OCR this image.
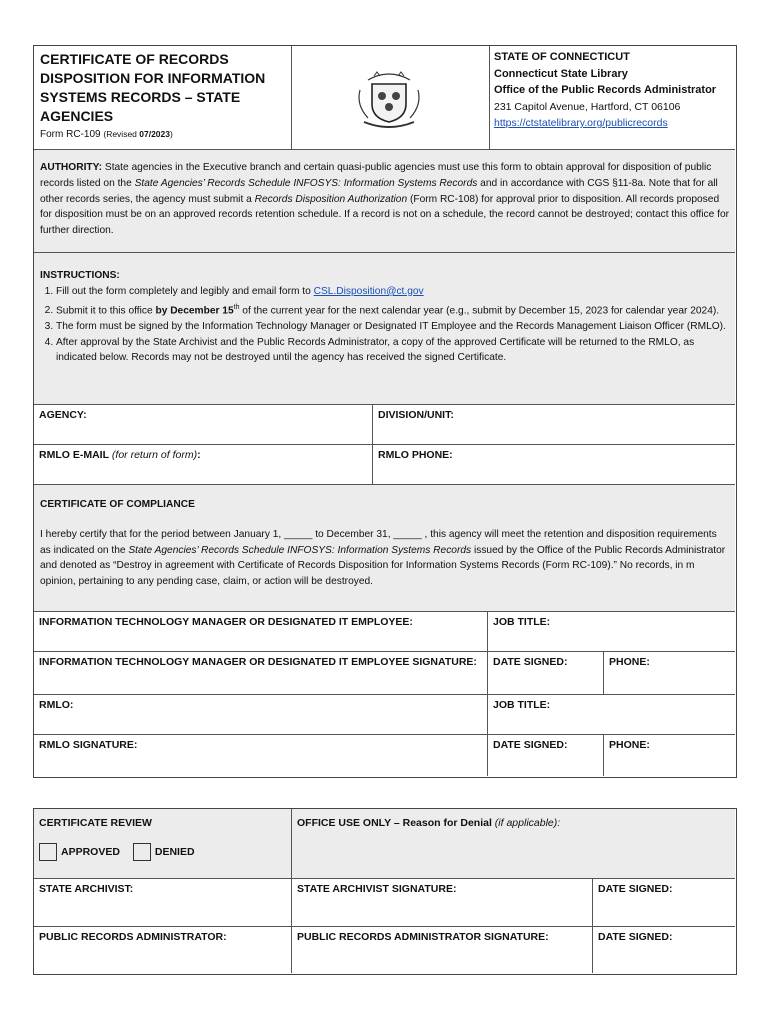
CERTIFICATE OF RECORDS DISPOSITION FOR INFORMATION SYSTEMS RECORDS – STATE AGENCIES
Form RC-109 (Revised 07/2023)
STATE OF CONNECTICUT
Connecticut State Library
Office of the Public Records Administrator
231 Capitol Avenue, Hartford, CT 06106
https://ctstatelibrary.org/publicrecords
AUTHORITY: State agencies in the Executive branch and certain quasi-public agencies must use this form to obtain approval for disposition of public records listed on the State Agencies’ Records Schedule INFOSYS: Information Systems Records and in accordance with CGS §11-8a. Note that for all other records series, the agency must submit a Records Disposition Authorization (Form RC-108) for approval prior to disposition. All records proposed for disposition must be on an approved records retention schedule. If a record is not on a schedule, the record cannot be destroyed; contact this office for further direction.
INSTRUCTIONS:
1. Fill out the form completely and legibly and email form to CSL.Disposition@ct.gov
2. Submit it to this office by December 15th of the current year for the next calendar year (e.g., submit by December 15, 2023 for calendar year 2024).
3. The form must be signed by the Information Technology Manager or Designated IT Employee and the Records Management Liaison Officer (RMLO).
4. After approval by the State Archivist and the Public Records Administrator, a copy of the approved Certificate will be returned to the RMLO, as indicated below. Records may not be destroyed until the agency has received the signed Certificate.
AGENCY:	DIVISION/UNIT:
RMLO E-MAIL (for return of form):	RMLO PHONE:
CERTIFICATE OF COMPLIANCE
I hereby certify that for the period between January 1, _____ to December 31, _____ , this agency will meet the retention and disposition requirements as indicated on the State Agencies’ Records Schedule INFOSYS: Information Systems Records issued by the Office of the Public Records Administrator and denoted as “Destroy in agreement with Certificate of Records Disposition for Information Systems Records (Form RC-109).” No records, in m opinion, pertaining to any pending case, claim, or action will be destroyed.
INFORMATION TECHNOLOGY MANAGER OR DESIGNATED IT EMPLOYEE:	JOB TITLE:
INFORMATION TECHNOLOGY MANAGER OR DESIGNATED IT EMPLOYEE SIGNATURE:	DATE SIGNED:	PHONE:
RMLO:	JOB TITLE:
RMLO SIGNATURE:	DATE SIGNED:	PHONE:
CERTIFICATE REVIEW
APPROVED	DENIED
OFFICE USE ONLY – Reason for Denial (if applicable):
STATE ARCHIVIST:	STATE ARCHIVIST SIGNATURE:	DATE SIGNED:
PUBLIC RECORDS ADMINISTRATOR:	PUBLIC RECORDS ADMINISTRATOR SIGNATURE:	DATE SIGNED:
